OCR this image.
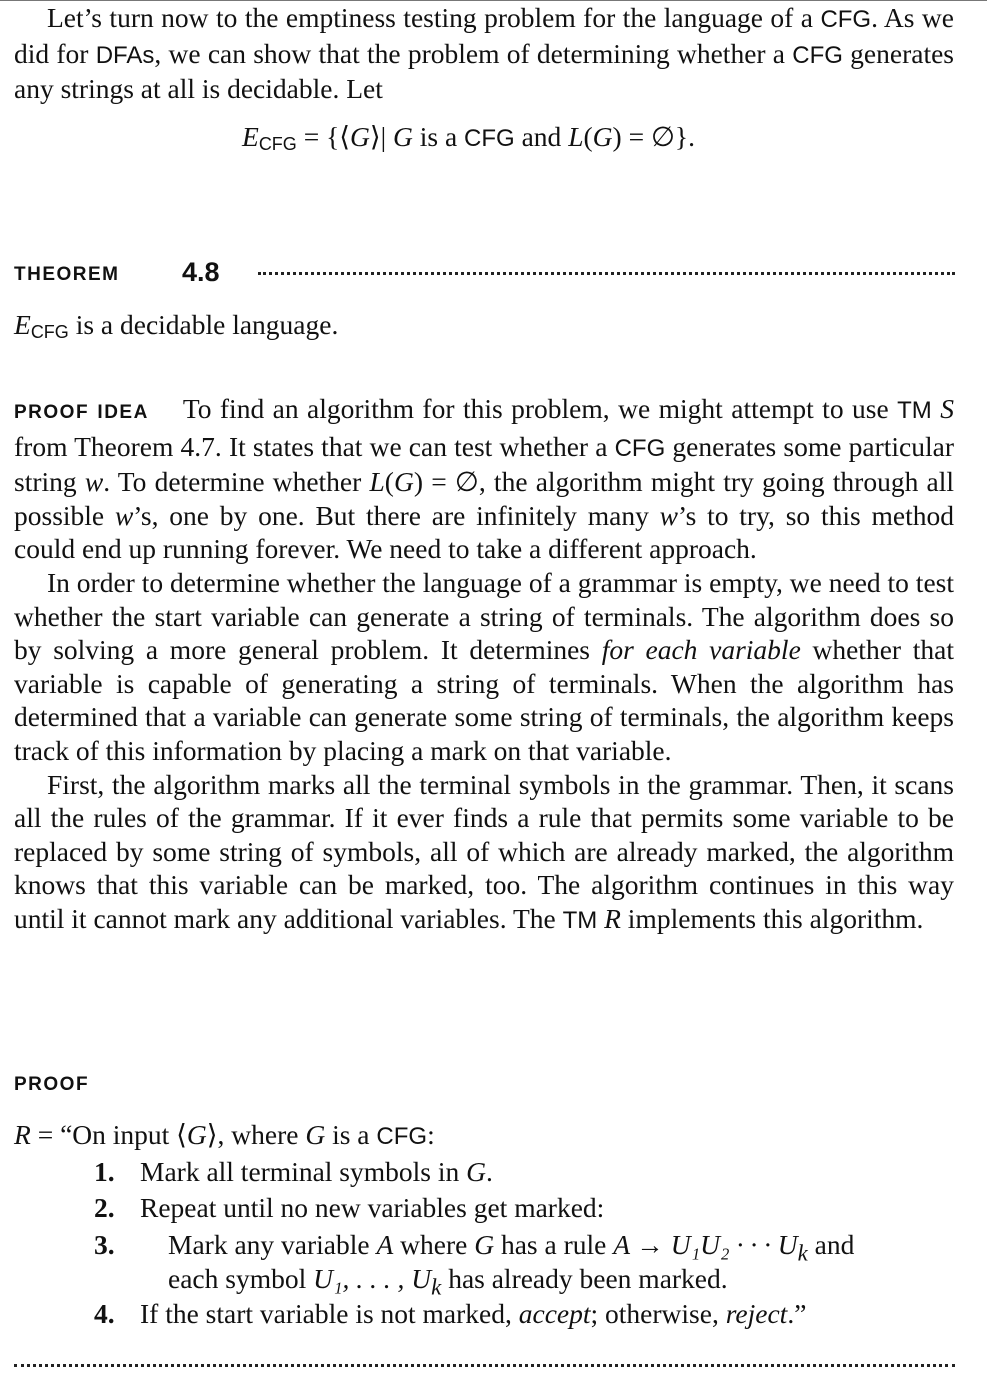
Let’s turn now to the emptiness testing problem for the language of a CFG. As we did for DFAs, we can show that the problem of determining whether a CFG generates any strings at all is decidable. Let

ECFG = {⟨G⟩| G is a CFG and L(G) = ∅}.
THEOREM 4.8
ECFG is a decidable language.

PROOF IDEA To find an algorithm for this problem, we might attempt to use TM S from Theorem 4.7. It states that we can test whether a CFG generates some particular string w. To determine whether L(G) = ∅, the algorithm might try going through all possible w’s, one by one. But there are infinitely many w’s to try, so this method could end up running forever. We need to take a different approach.
In order to determine whether the language of a grammar is empty, we need to test whether the start variable can generate a string of terminals. The algorithm does so by solving a more general problem. It determines for each variable whether that variable is capable of generating a string of terminals. When the algorithm has determined that a variable can generate some string of terminals, the algorithm keeps track of this information by placing a mark on that variable.
First, the algorithm marks all the terminal symbols in the grammar. Then, it scans all the rules of the grammar. If it ever finds a rule that permits some variable to be replaced by some string of symbols, all of which are already marked, the algorithm knows that this variable can be marked, too. The algorithm continues in this way until it cannot mark any additional variables. The TM R implements this algorithm.

PROOF
R = “On input ⟨G⟩, where G is a CFG:
1. Mark all terminal symbols in G.
2. Repeat until no new variables get marked:
3. Mark any variable A where G has a rule A → U₁U₂ · · · $U_k$ and
each symbol U₁, . . . , $U_k$ has already been marked.
4. If the start variable is not marked, accept; otherwise, reject.”
